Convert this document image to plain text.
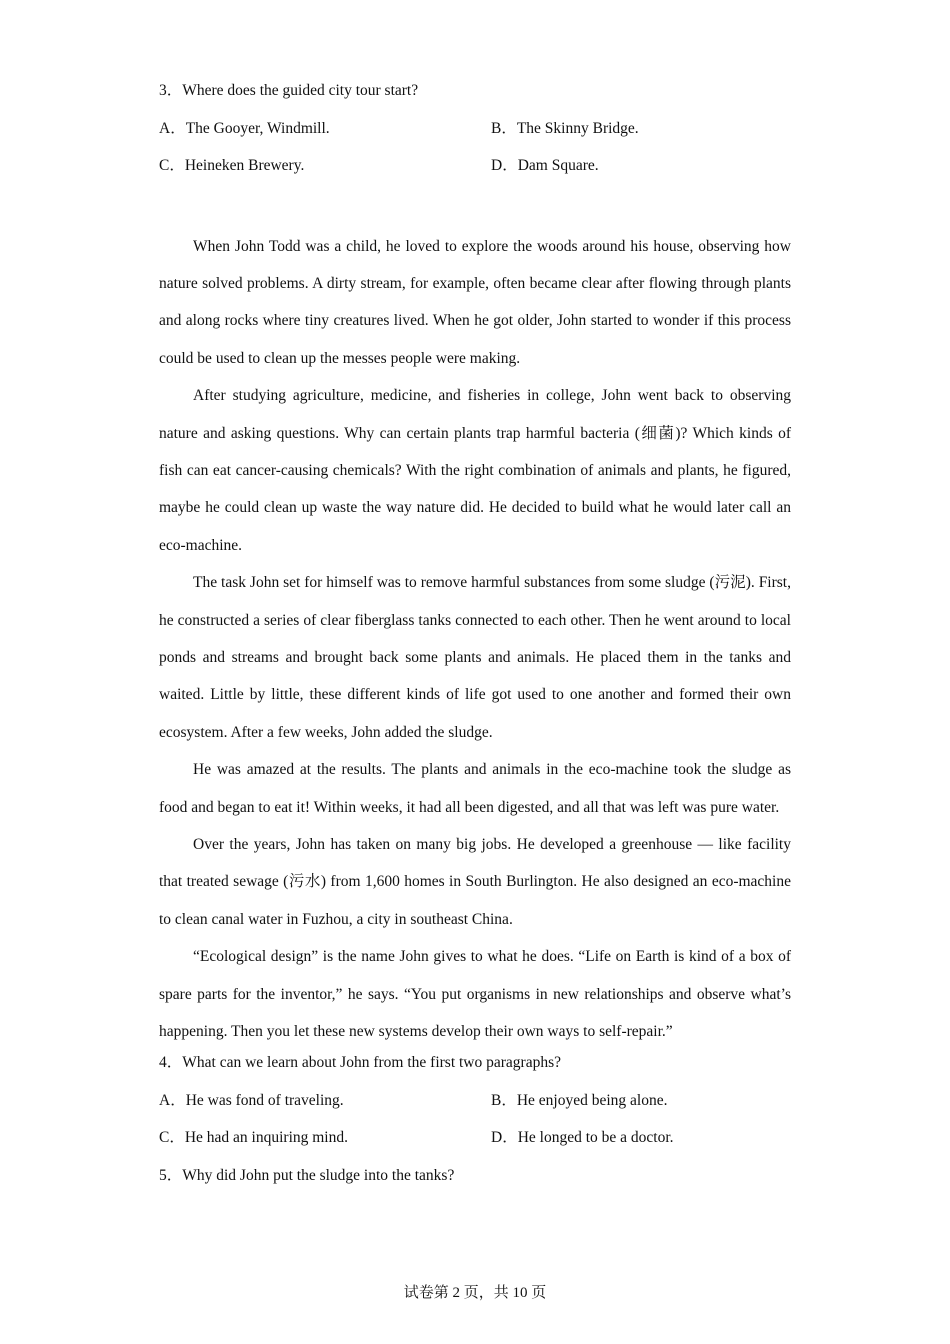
3．Where does the guided city tour start?
A．The Gooyer, Windmill.	B．The Skinny Bridge.
C．Heineken Brewery.	D．Dam Square.

When John Todd was a child, he loved to explore the woods around his house, observing how nature solved problems. A dirty stream, for example, often became clear after flowing through plants and along rocks where tiny creatures lived. When he got older, John started to wonder if this process could be used to clean up the messes people were making.

After studying agriculture, medicine, and fisheries in college, John went back to observing nature and asking questions. Why can certain plants trap harmful bacteria (细菌)? Which kinds of fish can eat cancer-causing chemicals? With the right combination of animals and plants, he figured, maybe he could clean up waste the way nature did. He decided to build what he would later call an eco-machine.

The task John set for himself was to remove harmful substances from some sludge (污泥). First, he constructed a series of clear fiberglass tanks connected to each other. Then he went around to local ponds and streams and brought back some plants and animals. He placed them in the tanks and waited. Little by little, these different kinds of life got used to one another and formed their own ecosystem. After a few weeks, John added the sludge.

He was amazed at the results. The plants and animals in the eco-machine took the sludge as food and began to eat it! Within weeks, it had all been digested, and all that was left was pure water.

Over the years, John has taken on many big jobs. He developed a greenhouse — like facility that treated sewage (污水) from 1,600 homes in South Burlington. He also designed an eco-machine to clean canal water in Fuzhou, a city in southeast China.

“Ecological design” is the name John gives to what he does. “Life on Earth is kind of a box of spare parts for the inventor,” he says. “You put organisms in new relationships and observe what’s happening. Then you let these new systems develop their own ways to self-repair.”

4．What can we learn about John from the first two paragraphs?
A．He was fond of traveling.	B．He enjoyed being alone.
C．He had an inquiring mind.	D．He longed to be a doctor.
5．Why did John put the sludge into the tanks?
试卷第 2 页，共 10 页
